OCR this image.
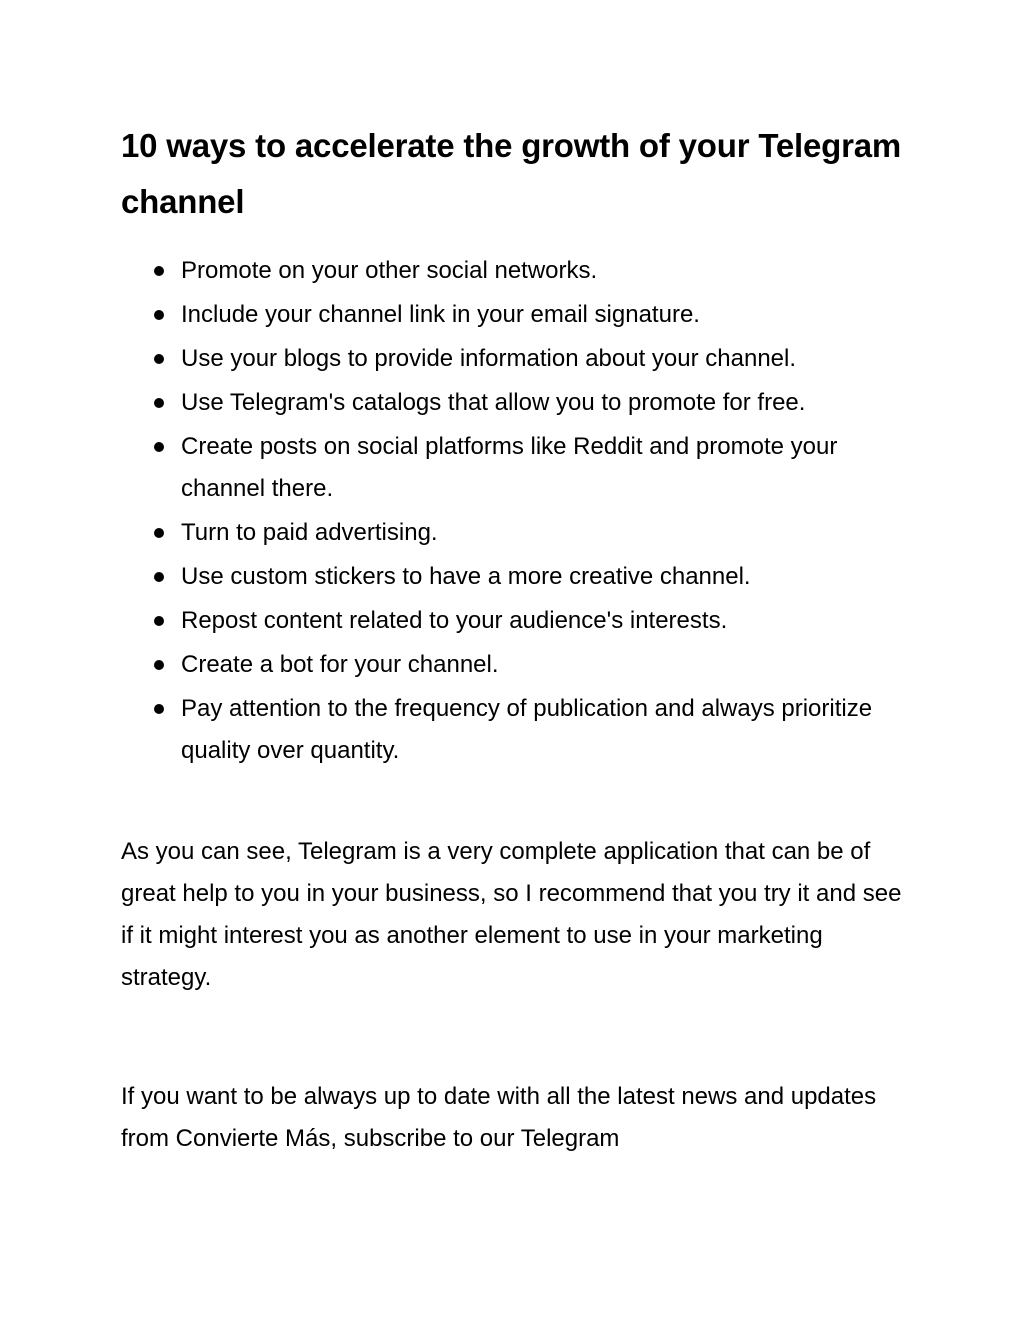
10 ways to accelerate the growth of your Telegram channel
Promote on your other social networks.
Include your channel link in your email signature.
Use your blogs to provide information about your channel.
Use Telegram's catalogs that allow you to promote for free.
Create posts on social platforms like Reddit and promote your channel there.
Turn to paid advertising.
Use custom stickers to have a more creative channel.
Repost content related to your audience's interests.
Create a bot for your channel.
Pay attention to the frequency of publication and always prioritize quality over quantity.

As you can see, Telegram is a very complete application that can be of great help to you in your business, so I recommend that you try it and see if it might interest you as another element to use in your marketing strategy.

If you want to be always up to date with all the latest news and updates from Convierte Más, subscribe to our Telegram
